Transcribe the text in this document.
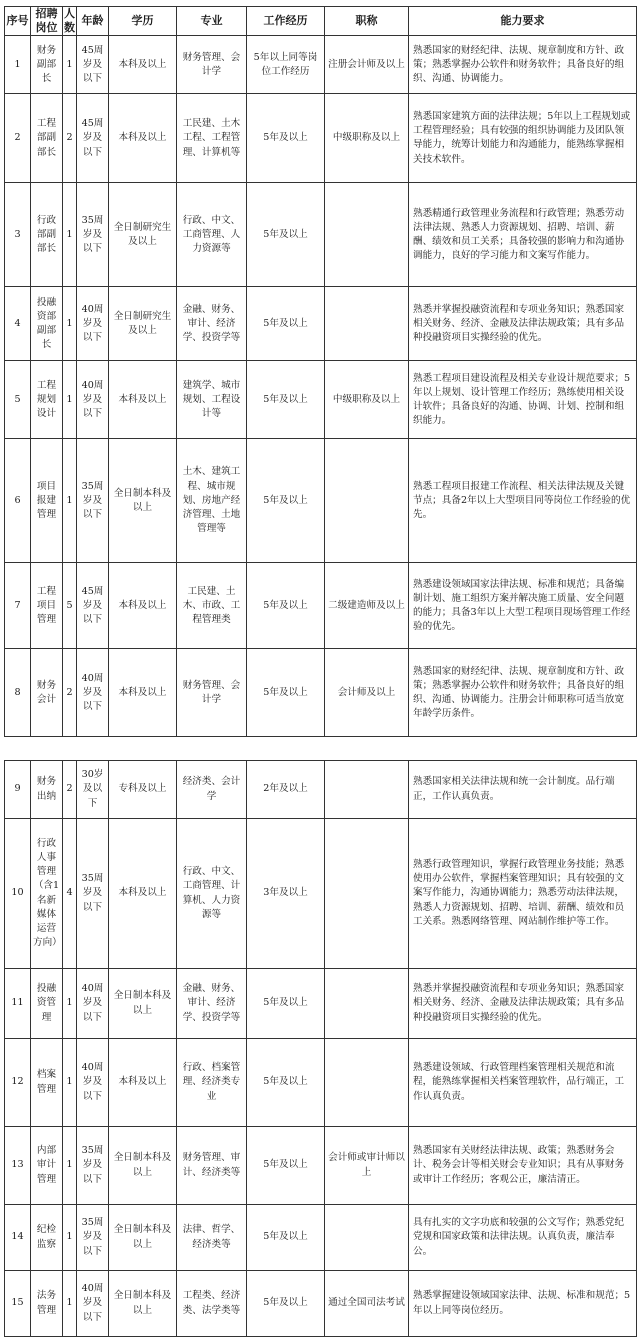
序号	招聘岗位	人数	年龄	学历	专业	工作经历	职称	能力要求
1	财务副部长	1	45周岁及以下	本科及以上	财务管理、会计学	5年以上同等岗位工作经历	注册会计师及以上	熟悉国家的财经纪律、法规、规章制度和方针、政策；熟悉掌握办公软件和财务软件；具备良好的组织、沟通、协调能力。
2	工程部副部长	2	45周岁及以下	本科及以上	工民建、土木工程、工程管理、计算机等	5年及以上	中级职称及以上	熟悉国家建筑方面的法律法规；5年以上工程规划或工程管理经验；具有较强的组织协调能力及团队领导能力，统筹计划能力和沟通能力，能熟练掌握相关技术软件。
3	行政部副部长	1	35周岁及以下	全日制研究生及以上	行政、中文、工商管理、人力资源等	5年及以上		熟悉精通行政管理业务流程和行政管理；熟悉劳动法律法规、熟悉人力资源规划、招聘、培训、薪酬、绩效和员工关系；具备较强的影响力和沟通协调能力，良好的学习能力和文案写作能力。
4	投融资部副部长	1	40周岁及以下	全日制研究生及以上	金融、财务、审计、经济学、投资学等	5年及以上		熟悉并掌握投融资流程和专项业务知识；熟悉国家相关财务、经济、金融及法律法规政策；具有多品种投融资项目实操经验的优先。
5	工程规划设计	1	40周岁及以下	本科及以上	建筑学、城市规划、工程设计等	5年及以上	中级职称及以上	熟悉工程项目建设流程及相关专业设计规范要求；5年以上规划、设计管理工作经历；熟练使用相关设计软件；具备良好的沟通、协调、计划、控制和组织能力。
6	项目报建管理	1	35周岁及以下	全日制本科及以上	土木、建筑工程、城市规划、房地产经济管理、土地管理等	5年及以上		熟悉工程项目报建工作流程、相关法律法规及关键节点；具备2年以上大型项目同等岗位工作经验的优先。
7	工程项目管理	5	45周岁及以下	本科及以上	工民建、土木、市政、工程管理类	5年及以上	二级建造师及以上	熟悉建设领域国家法律法规、标准和规范；具备编制计划、施工组织方案并解决施工质量、安全问题的能力；具备3年以上大型工程项目现场管理工作经验的优先。
8	财务会计	2	40周岁及以下	本科及以上	财务管理、会计学	5年及以上	会计师及以上	熟悉国家的财经纪律、法规、规章制度和方针、政策；熟悉掌握办公软件和财务软件；具备良好的组织、沟通、协调能力。注册会计师职称可适当放宽年龄学历条件。
9	财务出纳	2	30岁及以下	专科及以上	经济类、会计学	2年及以上		熟悉国家相关法律法规和统一会计制度。品行端正，工作认真负责。
10	行政人事管理（含1名新媒体运营方向）	4	35周岁及以下	本科及以上	行政、中文、工商管理、计算机、人力资源等	3年及以上		熟悉行政管理知识，掌握行政管理业务技能；熟悉使用办公软件，掌握档案管理知识；具有较强的文案写作能力，沟通协调能力；熟悉劳动法律法规，熟悉人力资源规划、招聘、培训、薪酬、绩效和员工关系。熟悉网络管理、网站制作维护等工作。
11	投融资管理	1	40周岁及以下	全日制本科及以上	金融、财务、审计、经济学、投资学等	5年及以上		熟悉并掌握投融资流程和专项业务知识；熟悉国家相关财务、经济、金融及法律法规政策；具有多品种投融资项目实操经验的优先。
12	档案管理	1	40周岁及以下	本科及以上	行政、档案管理、经济类专业	5年及以上		熟悉建设领域、行政管理档案管理相关规范和流程，能熟练掌握相关档案管理软件，品行端正，工作认真负责。
13	内部审计管理	1	35周岁及以下	全日制本科及以上	财务管理、审计、经济类等	5年及以上	会计师或审计师以上	熟悉国家有关财经法律法规、政策；熟悉财务会计、税务会计等相关财会专业知识；具有从事财务或审计工作经历；客观公正，廉洁清正。
14	纪检监察	1	35周岁及以下	全日制本科及以上	法律、哲学、经济类等	5年及以上		具有扎实的文字功底和较强的公文写作；熟悉党纪党规和国家政策和法律法规。认真负责，廉洁奉公。
15	法务管理	1	40周岁及以下	全日制本科及以上	工程类、经济类、法学类等	5年及以上	通过全国司法考试	熟悉掌握建设领域国家法律、法规、标准和规范；5年以上同等岗位经历。
